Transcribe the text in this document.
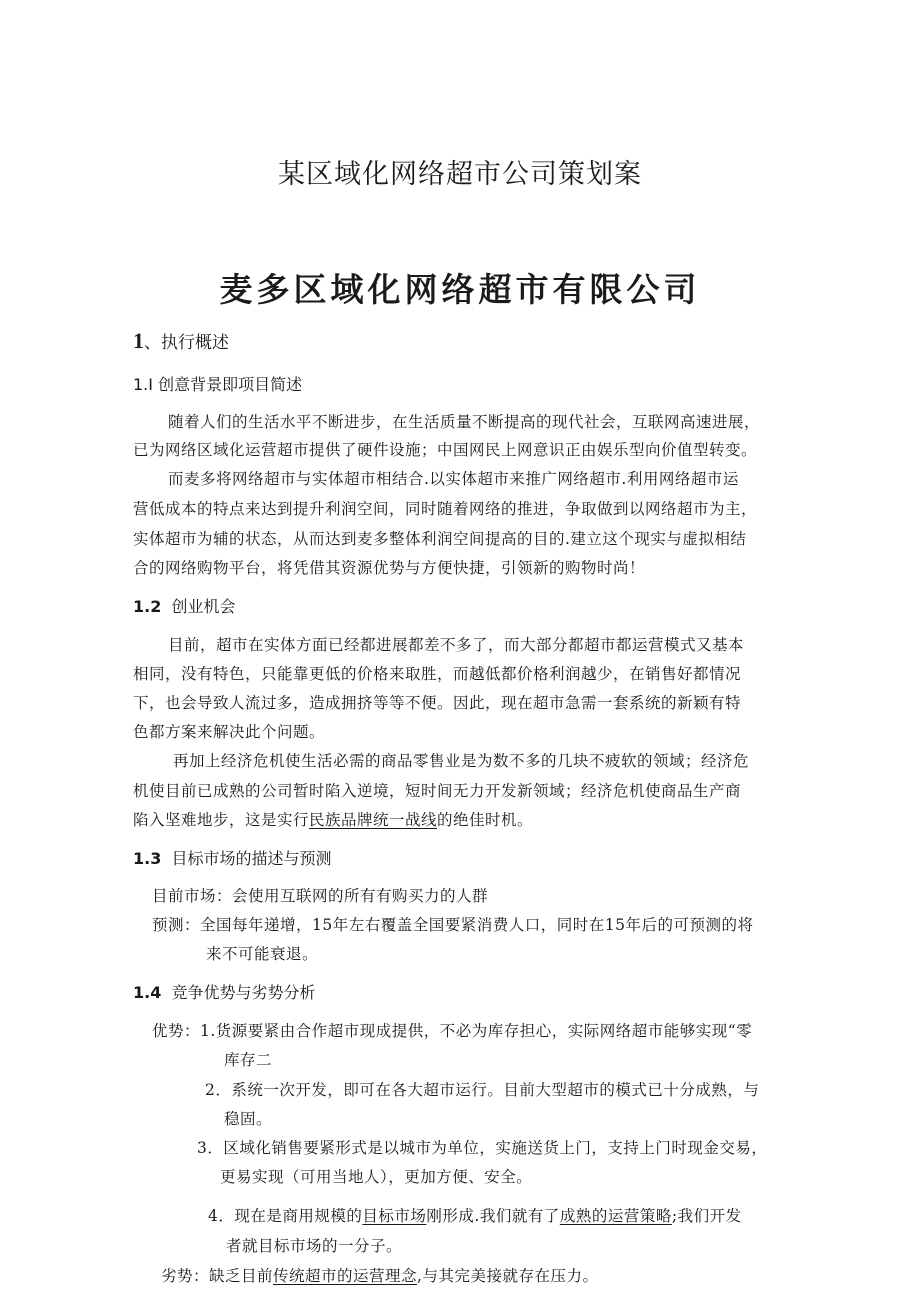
某区域化网络超市公司策划案
麦多区域化网络超市有限公司
1、执行概述
1.I 创意背景即项目简述
随着人们的生活水平不断进步，在生活质量不断提高的现代社会，互联网高速进展，
已为网络区域化运营超市提供了硬件设施；中国网民上网意识正由娱乐型向价值型转变。
而麦多将网络超市与实体超市相结合.以实体超市来推广网络超市.利用网络超市运
营低成本的特点来达到提升利润空间，同时随着网络的推进，争取做到以网络超市为主，
实体超市为辅的状态，从而达到麦多整体利润空间提高的目的.建立这个现实与虚拟相结
合的网络购物平台，将凭借其资源优势与方便快捷，引领新的购物时尚！
1.2 创业机会
目前，超市在实体方面已经都进展都差不多了，而大部分都超市都运营模式又基本
相同，没有特色，只能靠更低的价格来取胜，而越低都价格利润越少，在销售好都情况
下，也会导致人流过多，造成拥挤等等不便。因此，现在超市急需一套系统的新颖有特
色都方案来解决此个问题。
再加上经济危机使生活必需的商品零售业是为数不多的几块不疲软的领域；经济危
机使目前已成熟的公司暂时陷入逆境，短时间无力开发新领域；经济危机使商品生产商
陷入坚难地步，这是实行民族品牌统一战线的绝佳时机。
1.3 目标市场的描述与预测
目前市场：会使用互联网的所有有购买力的人群
预测：全国每年递增，15年左右覆盖全国要紧消费人口，同时在15年后的可预测的将
来不可能衰退。
1.4 竞争优势与劣势分析
优势：1.货源要紧由合作超市现成提供，不必为库存担心，实际网络超市能够实现“零
库存二
2．系统一次开发，即可在各大超市运行。目前大型超市的模式已十分成熟，与
稳固。
3．区域化销售要紧形式是以城市为单位，实施送货上门，支持上门时现金交易，
更易实现（可用当地人），更加方便、安全。
4．现在是商用规模的目标市场刚形成.我们就有了成熟的运营策略;我们开发
者就目标市场的一分子。
劣势：缺乏目前传统超市的运营理念,与其完美接就存在压力。
